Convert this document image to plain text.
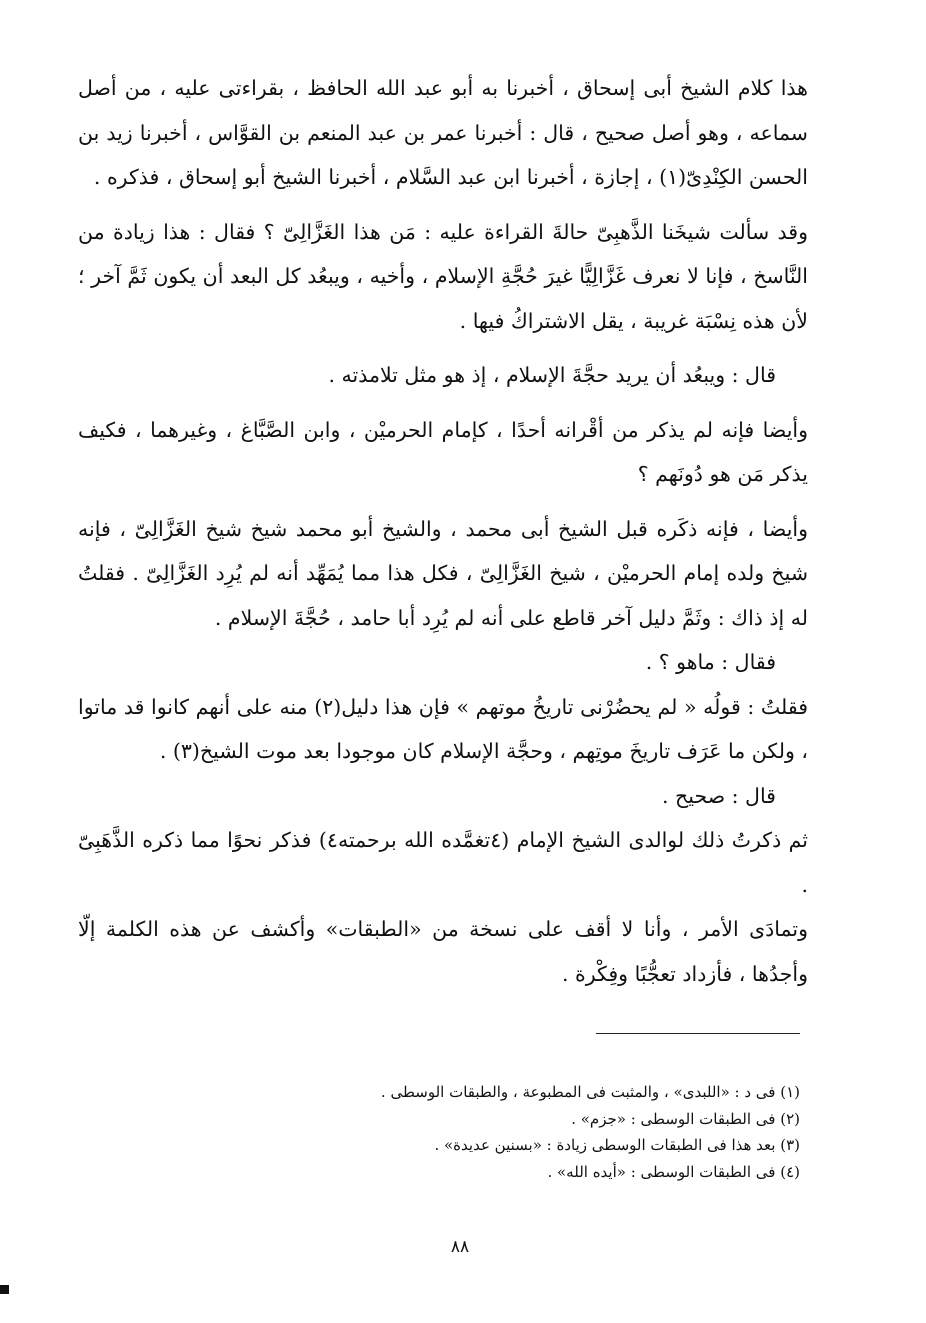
هذا كلام الشيخ أبى إسحاق ، أخبرنا به أبو عبد الله الحافظ ، بقراءتى عليه ، من أصل سماعه ، وهو أصل صحيح ، قال : أخبرنا عمر بن عبد المنعم بن القوَّاس ، أخبرنا زيد بن الحسن الكِنْدِىّ(١) ، إجازة ، أخبرنا ابن عبد السَّلام ، أخبرنا الشيخ أبو إسحاق ، فذكره .

وقد سألت شيخَنا الذَّهبِىّ حالةَ القراءة عليه : مَن هذا الغَزَّالِىّ ؟ فقال : هذا زيادة من النَّاسخ ، فإنا لا نعرف غَزَّالِيًّا غيرَ حُجَّةِ الإسلام ، وأخيه ، ويبعُد كل البعد أن يكون ثَمَّ آخر ؛ لأن هذه نِسْبَة غريبة ، يقل الاشتراكُ فيها .

قال : ويبعُد أن يريد حجَّةَ الإسلام ، إذ هو مثل تلامذته .

وأيضا فإنه لم يذكر من أقْرانه أحدًا ، كإمام الحرميْن ، وابن الصَّبَّاغ ، وغيرهما ، فكيف يذكر مَن هو دُونَهم ؟

وأيضا ، فإنه ذكَره قبل الشيخ أبى محمد ، والشيخ أبو محمد شيخ شيخ الغَزَّالِىّ ، فإنه شيخ ولده إمام الحرميْن ، شيخ الغَزَّالِىّ ، فكل هذا مما يُمَهِّد أنه لم يُرِد الغَزَّالِىّ . فقلتُ له إذ ذاك : وثَمَّ دليل آخر قاطع على أنه لم يُرِد أبا حامد ، حُجَّةَ الإسلام .

فقال : ماهو ؟ .

فقلتُ : قولُه « لم يحضُرْنى تاريخُ موتهم » فإن هذا دليل(٢) منه على أنهم كانوا قد ماتوا ، ولكن ما عَرَف تاريخَ موتِهم ، وحجَّة الإسلام كان موجودا بعد موت الشيخ(٣) .

قال : صحيح .

ثم ذكرتُ ذلك لوالدى الشيخ الإمام (٤تغمَّده الله برحمته٤) فذكر نحوًا مما ذكره الذَّهَبِىّ .

وتمادَى الأمر ، وأنا لا أقف على نسخة من «الطبقات» وأكشف عن هذه الكلمة إلّا وأجدُها ، فأزداد تعجُّبًا وفِكْرة .

(١) فى د : «اللبدى» ، والمثبت فى المطبوعة ، والطبقات الوسطى .

(٢) فى الطبقات الوسطى : «جزم» .

(٣) بعد هذا فى الطبقات الوسطى زيادة : «بسنين عديدة» .

(٤) فى الطبقات الوسطى : «أيده الله» .

٨٨
